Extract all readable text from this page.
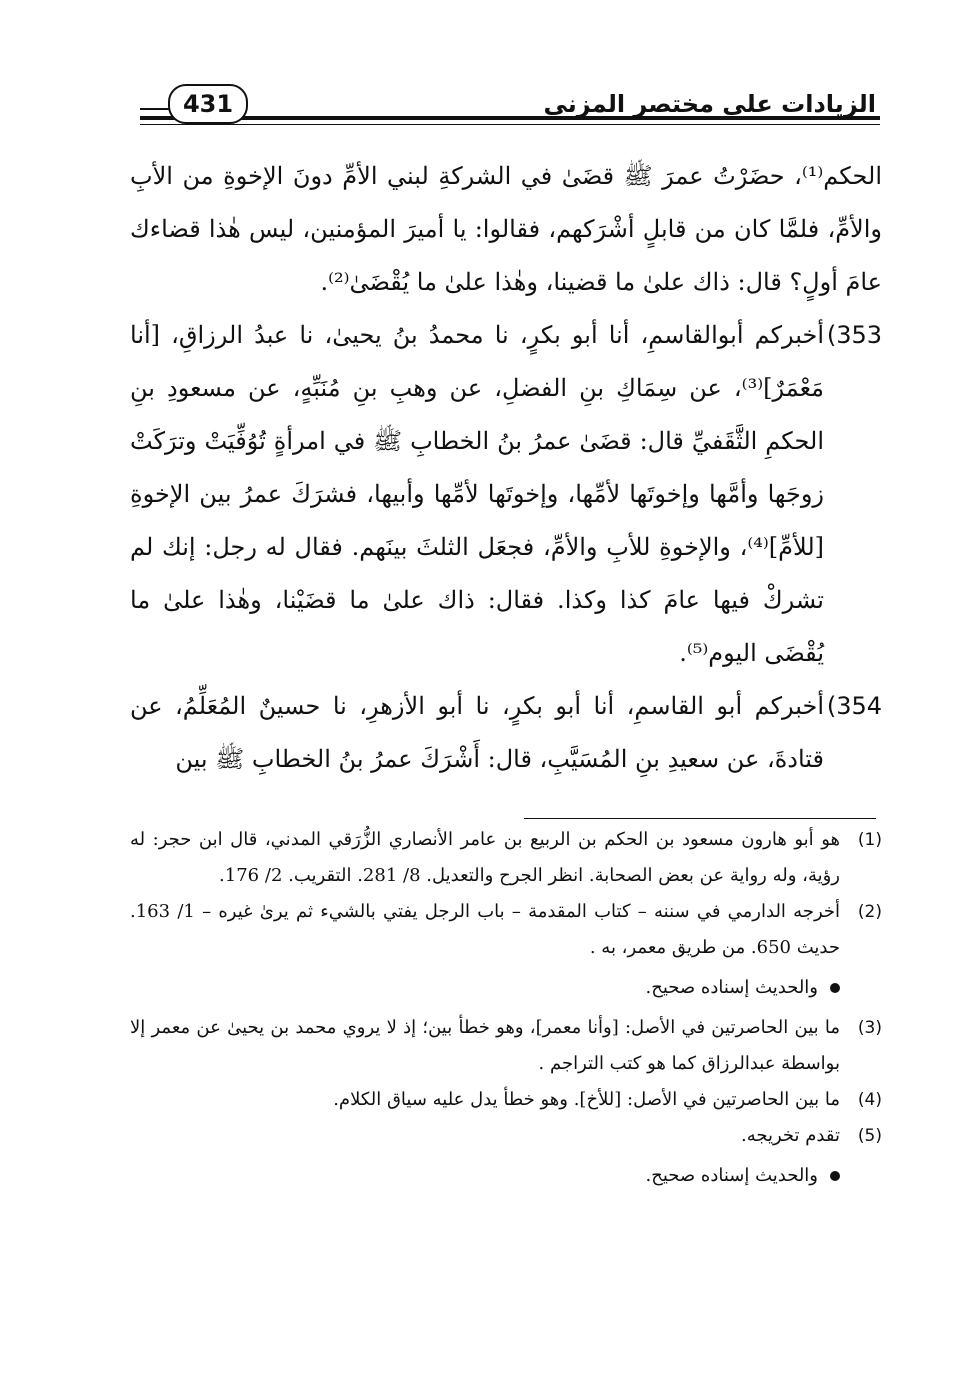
431	الزيادات على مختصر المزني

الحكم⁽¹⁾، حضَرْتُ عمرَ ﷺ قضَىٰ في الشركةِ لبني الأمِّ دونَ الإخوةِ من الأبِ والأمِّ، فلمَّا كان من قابلٍ أشْرَكهم، فقالوا: يا أميرَ المؤمنين، ليس هٰذا قضاءك عامَ أولٍ؟ قال: ذاك علىٰ ما قضينا، وهٰذا علىٰ ما يُقْضَىٰ⁽²⁾.

353)أخبركم أبوالقاسمِ، أنا أبو بكرٍ، نا محمدُ بنُ يحيىٰ، نا عبدُ الرزاقِ، [أنا مَعْمَرٌ]⁽³⁾، عن سِمَاكِ بنِ الفضلِ، عن وهبِ بنِ مُنَبِّهٍ، عن مسعودِ بنِ الحكمِ الثَّقَفيِّ قال: قضَىٰ عمرُ بنُ الخطابِ ﷺ في امرأةٍ تُوُفِّيَتْ وترَكَتْ زوجَها وأمَّها وإخوتَها لأمِّها، وإخوتَها لأمِّها وأبيها، فشرَكَ عمرُ بين الإخوةِ [للأمِّ]⁽⁴⁾، والإخوةِ للأبِ والأمِّ، فجعَل الثلثَ بينَهم. فقال له رجل: إنك لم تشركْ فيها عامَ كذا وكذا. فقال: ذاك علىٰ ما قضَيْنا، وهٰذا علىٰ ما يُقْضَى اليوم⁽⁵⁾.

354)أخبركم أبو القاسمِ، أنا أبو بكرٍ، نا أبو الأزهرِ، نا حسينٌ المُعَلِّمُ، عن قتادةَ، عن سعيدِ بنِ المُسَيَّبِ، قال: أَشْرَكَ عمرُ بنُ الخطابِ ﷺ بين

(1)
هو أبو هارون مسعود بن الحكم بن الربيع بن عامر الأنصاري الزُّرَقي المدني، قال ابن حجر: له رؤية، وله رواية عن بعض الصحابة. انظر الجرح والتعديل. 8/ 281. التقريب. 2/ 176.

(2)
أخرجه الدارمي في سننه – كتاب المقدمة – باب الرجل يفتي بالشيء ثم يرىٰ غيره – 1/ 163. حديث 650. من طريق معمر، به .

والحديث إسناده صحيح.

(3)
ما بين الحاصرتين في الأصل: [وأنا معمر]، وهو خطأ بين؛ إذ لا يروي محمد بن يحيىٰ عن معمر إلا بواسطة عبدالرزاق كما هو كتب التراجم .

(4)
ما بين الحاصرتين في الأصل: [للأخ]. وهو خطأ يدل عليه سياق الكلام.

(5)
تقدم تخريجه.

والحديث إسناده صحيح.
